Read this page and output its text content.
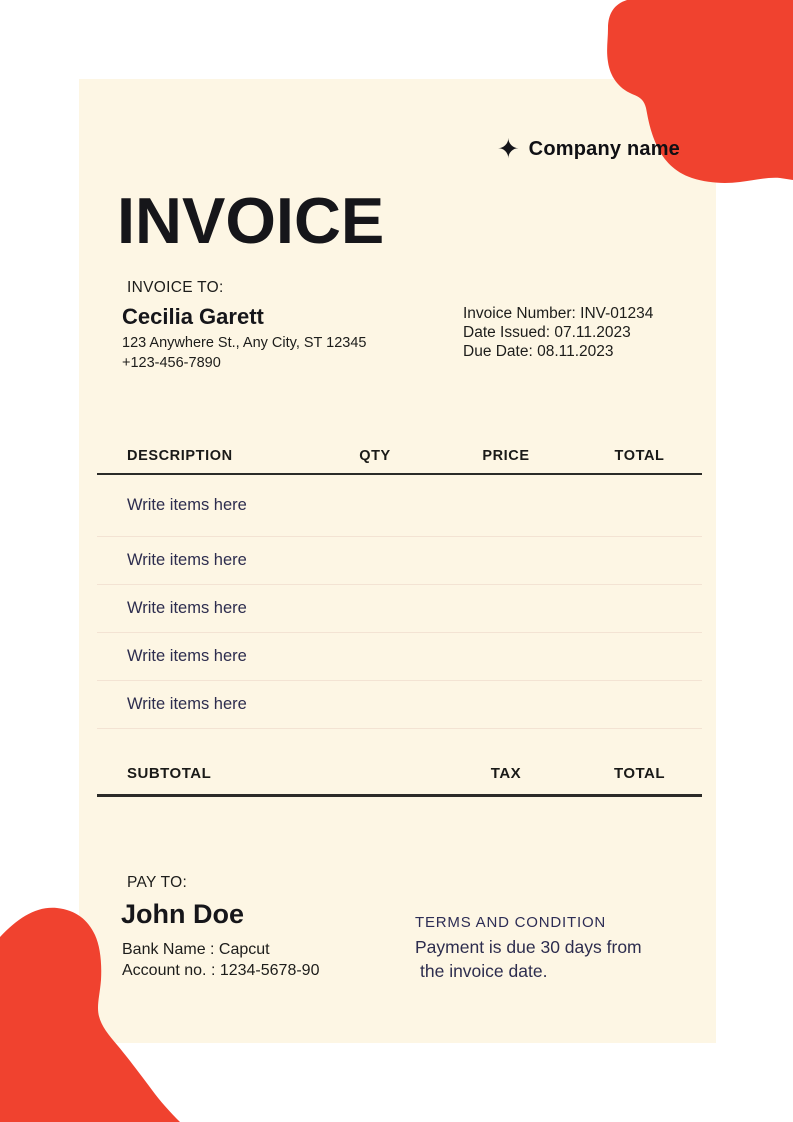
✦ Company name
INVOICE
INVOICE TO:
Cecilia Garett
123 Anywhere St., Any City, ST 12345
+123-456-7890
Invoice Number: INV-01234
Date Issued: 07.11.2023
Due Date: 08.11.2023
DESCRIPTION	QTY	PRICE	TOTAL
Write items here
Write items here
Write items here
Write items here
Write items here
SUBTOTAL	TAX	TOTAL
PAY TO:
John Doe
Bank Name : Capcut
Account no. : 1234-5678-90
TERMS AND CONDITION
Payment is due 30 days from
the invoice date.
